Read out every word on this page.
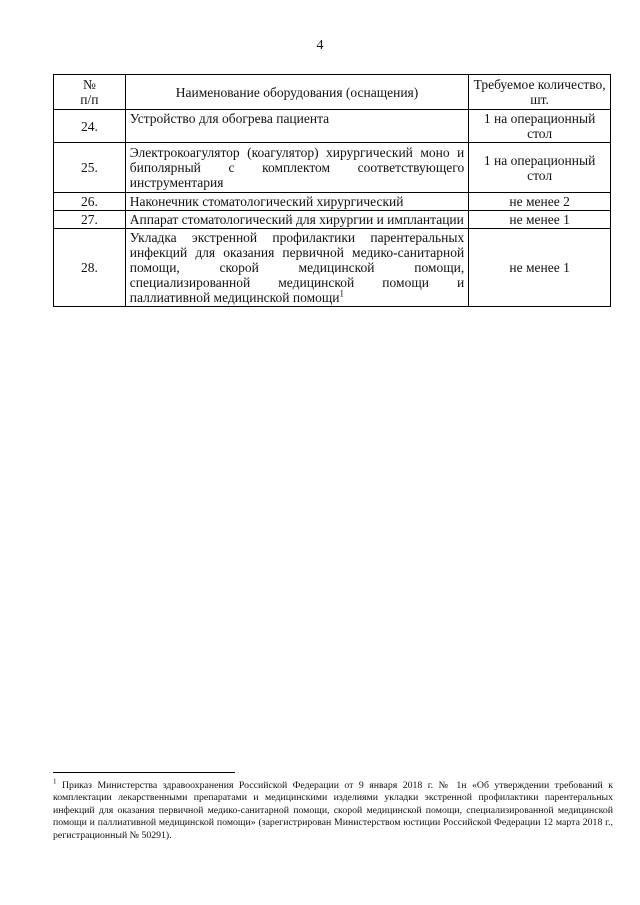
4
№
п/п	Наименование оборудования (оснащения)	Требуемое количество, шт.
24.	Устройство для обогрева пациента	1 на операционный стол
25.	Электрокоагулятор (коагулятор) хирургический моно и биполярный с комплектом соответствующего инструментария	1 на операционный стол
26.	Наконечник стоматологический хирургический	не менее 2
27.	Аппарат стоматологический для хирургии и имплантации	не менее 1
28.	Укладка экстренной профилактики парентеральных инфекций для оказания первичной медико-санитарной помощи, скорой медицинской помощи, специализированной медицинской помощи и паллиативной медицинской помощи$^1$	не менее 1
$^1$ Приказ Министерства здравоохранения Российской Федерации от 9 января 2018 г. № 1н «Об утверждении требований к комплектации лекарственными препаратами и медицинскими изделиями укладки экстренной профилактики парентеральных инфекций для оказания первичной медико-санитарной помощи, скорой медицинской помощи, специализированной медицинской помощи и паллиативной медицинской помощи» (зарегистрирован Министерством юстиции Российской Федерации 12 марта 2018 г., регистрационный № 50291).
